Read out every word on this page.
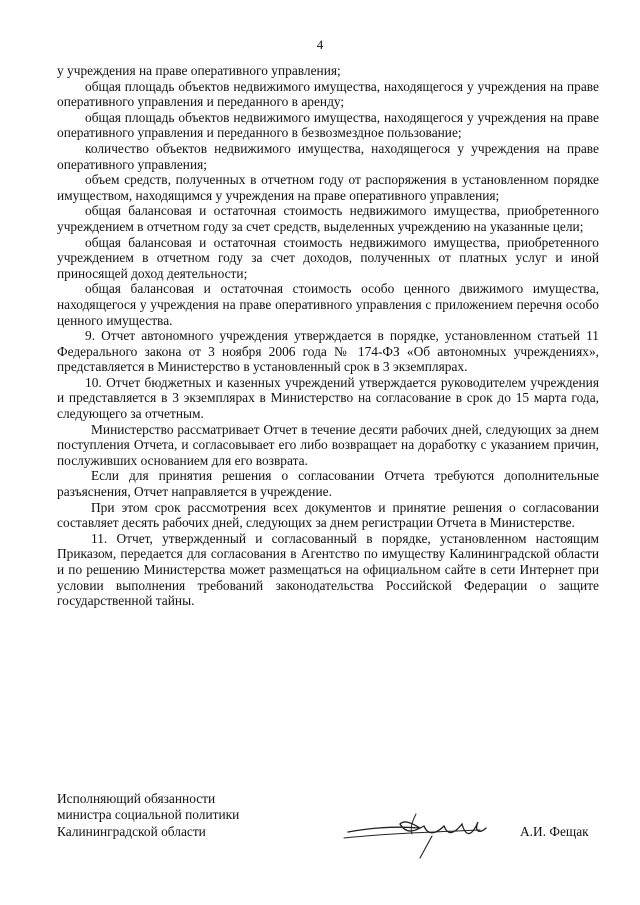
4

у учреждения на праве оперативного управления;

общая площадь объектов недвижимого имущества, находящегося у учреждения на праве оперативного управления и переданного в аренду;

общая площадь объектов недвижимого имущества, находящегося у учреждения на праве оперативного управления и переданного в безвозмездное пользование;

количество объектов недвижимого имущества, находящегося у учреждения на праве оперативного управления;

объем средств, полученных в отчетном году от распоряжения в установленном порядке имуществом, находящимся у учреждения на праве оперативного управления;

общая балансовая и остаточная стоимость недвижимого имущества, приобретенного учреждением в отчетном году за счет средств, выделенных учреждению на указанные цели;

общая балансовая и остаточная стоимость недвижимого имущества, приобретенного учреждением в отчетном году за счет доходов, полученных от платных услуг и иной приносящей доход деятельности;

общая балансовая и остаточная стоимость особо ценного движимого имущества, находящегося у учреждения на праве оперативного управления с приложением перечня особо ценного имущества.

9. Отчет автономного учреждения утверждается в порядке, установленном статьей 11 Федерального закона от 3 ноября 2006 года № 174-ФЗ «Об автономных учреждениях», представляется в Министерство в установленный срок в 3 экземплярах.

10. Отчет бюджетных и казенных учреждений утверждается руководителем учреждения и представляется в 3 экземплярах в Министерство на согласование в срок до 15 марта года, следующего за отчетным.

Министерство рассматривает Отчет в течение десяти рабочих дней, следующих за днем поступления Отчета, и согласовывает его либо возвращает на доработку с указанием причин, послуживших основанием для его возврата.

Если для принятия решения о согласовании Отчета требуются дополнительные разъяснения, Отчет направляется в учреждение.

При этом срок рассмотрения всех документов и принятие решения о согласовании составляет десять рабочих дней, следующих за днем регистрации Отчета в Министерстве.

11. Отчет, утвержденный и согласованный в порядке, установленном настоящим Приказом, передается для согласования в Агентство по имуществу Калининградской области и по решению Министерства может размещаться на официальном сайте в сети Интернет при условии выполнения требований законодательства Российской Федерации о защите государственной тайны.

Исполняющий обязанности
министра социальной политики
Калининградской области	А.И. Фещак
